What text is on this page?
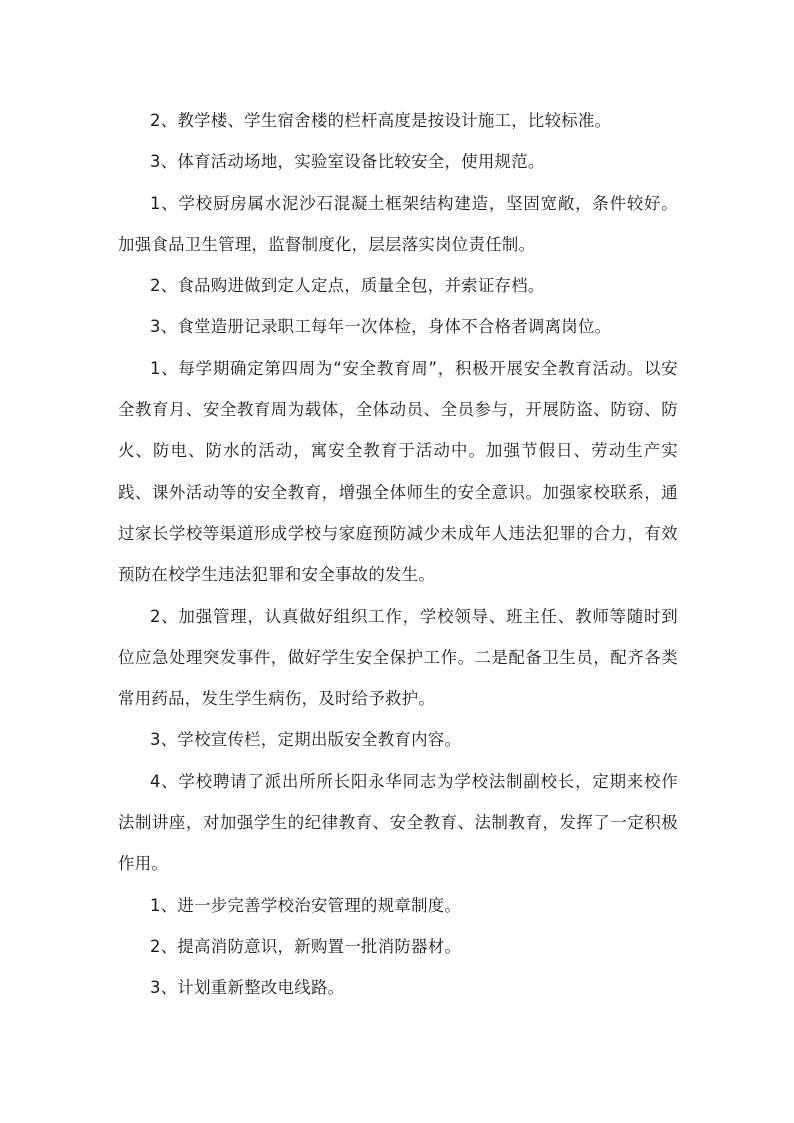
2、教学楼、学生宿舍楼的栏杆高度是按设计施工，比较标准。

3、体育活动场地，实验室设备比较安全，使用规范。

1、学校厨房属水泥沙石混凝土框架结构建造，坚固宽敞，条件较好。加强食品卫生管理，监督制度化，层层落实岗位责任制。

2、食品购进做到定人定点，质量全包，并索证存档。

3、食堂造册记录职工每年一次体检，身体不合格者调离岗位。

1、每学期确定第四周为“安全教育周”，积极开展安全教育活动。以安全教育月、安全教育周为载体，全体动员、全员参与，开展防盗、防窃、防火、防电、防水的活动，寓安全教育于活动中。加强节假日、劳动生产实践、课外活动等的安全教育，增强全体师生的安全意识。加强家校联系，通过家长学校等渠道形成学校与家庭预防减少未成年人违法犯罪的合力，有效预防在校学生违法犯罪和安全事故的发生。

2、加强管理，认真做好组织工作，学校领导、班主任、教师等随时到位应急处理突发事件，做好学生安全保护工作。二是配备卫生员，配齐各类常用药品，发生学生病伤，及时给予救护。

3、学校宣传栏，定期出版安全教育内容。

4、学校聘请了派出所所长阳永华同志为学校法制副校长，定期来校作法制讲座，对加强学生的纪律教育、安全教育、法制教育，发挥了一定积极作用。

1、进一步完善学校治安管理的规章制度。

2、提高消防意识，新购置一批消防器材。

3、计划重新整改电线路。
